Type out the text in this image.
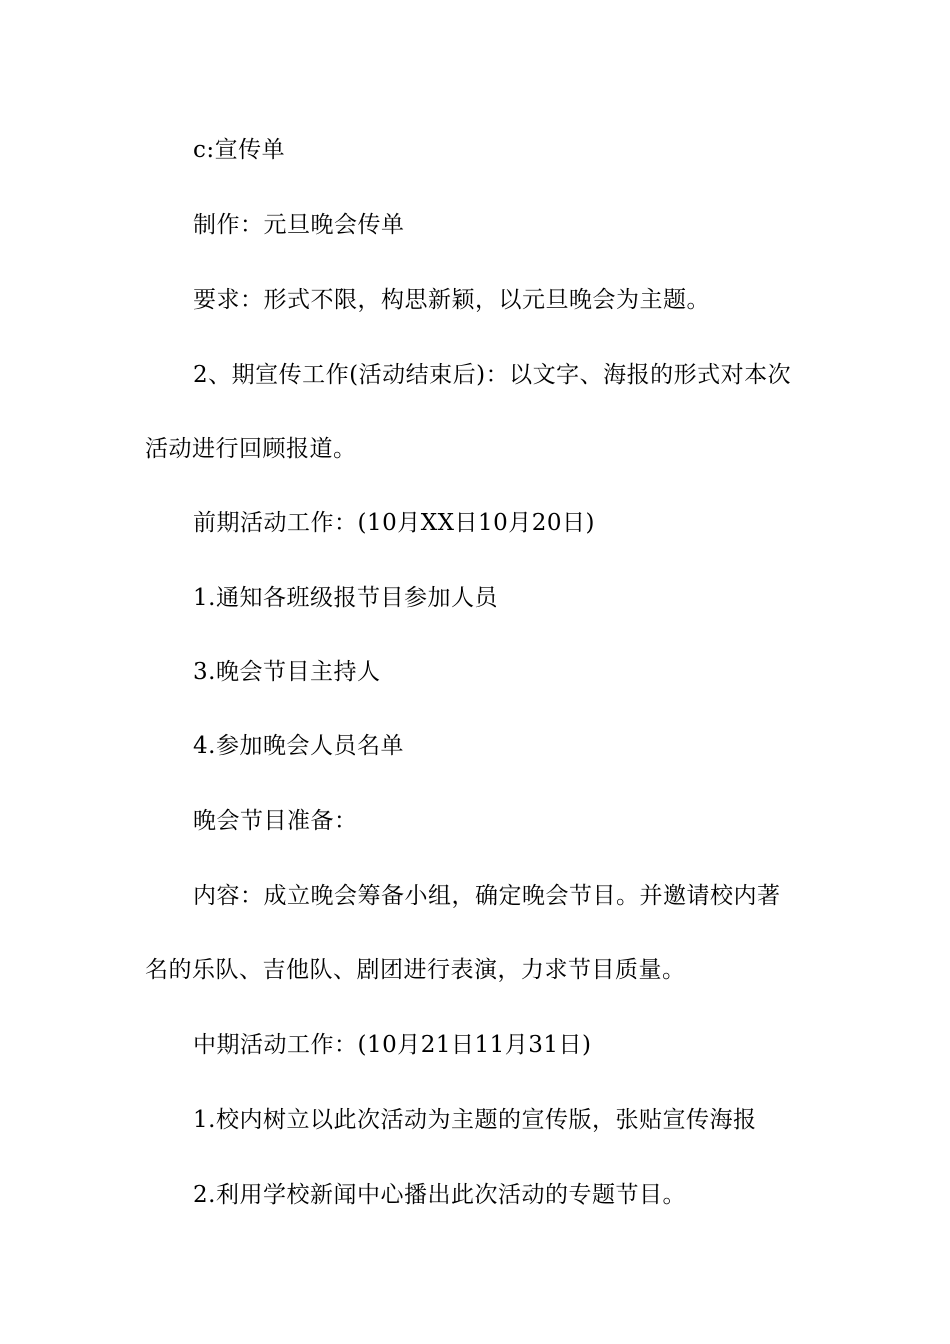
c:宣传单
制作：元旦晚会传单
要求：形式不限，构思新颖，以元旦晚会为主题。
2、期宣传工作(活动结束后)：以文字、海报的形式对本次
活动进行回顾报道。
前期活动工作：(10月XX日10月20日)
1.通知各班级报节目参加人员
3.晚会节目主持人
4.参加晚会人员名单
晚会节目准备：
内容：成立晚会筹备小组，确定晚会节目。并邀请校内著
名的乐队、吉他队、剧团进行表演，力求节目质量。
中期活动工作：(10月21日11月31日)
1.校内树立以此次活动为主题的宣传版，张贴宣传海报
2.利用学校新闻中心播出此次活动的专题节目。
